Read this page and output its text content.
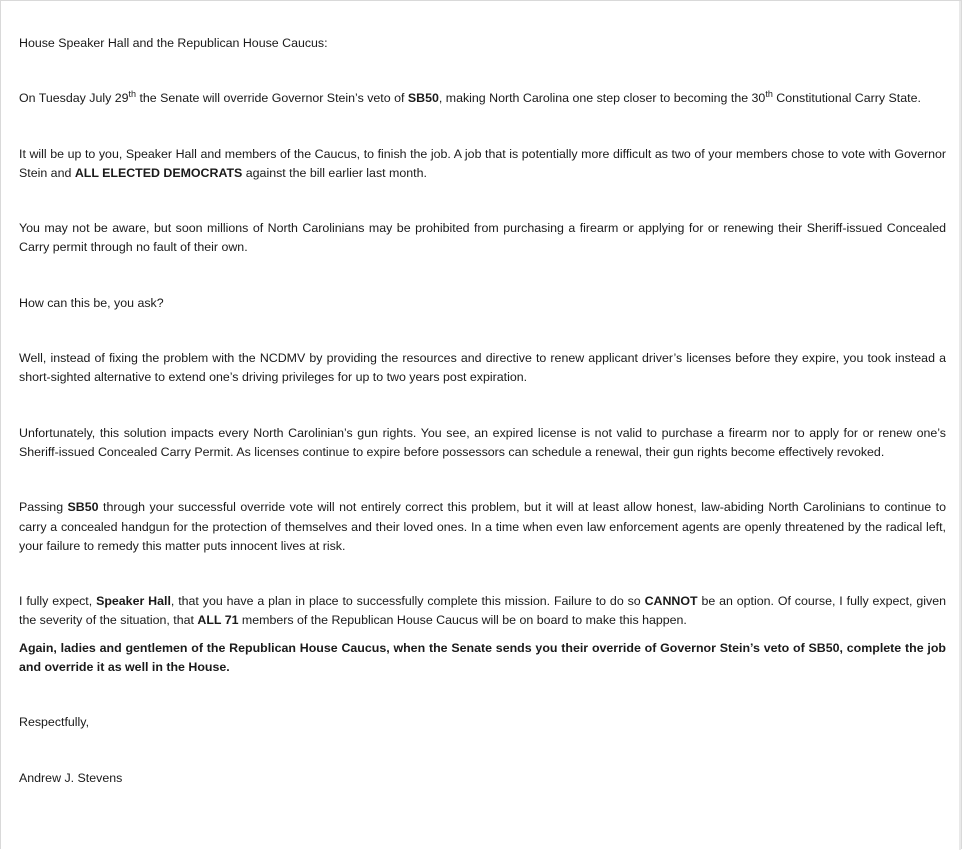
House Speaker Hall and the Republican House Caucus:

On Tuesday July 29th the Senate will override Governor Stein’s veto of SB50, making North Carolina one step closer to becoming the 30th Constitutional Carry State.

It will be up to you, Speaker Hall and members of the Caucus, to finish the job. A job that is potentially more difficult as two of your members chose to vote with Governor Stein and ALL ELECTED DEMOCRATS against the bill earlier last month.

You may not be aware, but soon millions of North Carolinians may be prohibited from purchasing a firearm or applying for or renewing their Sheriff-issued Concealed Carry permit through no fault of their own.

How can this be, you ask?

Well, instead of fixing the problem with the NCDMV by providing the resources and directive to renew applicant driver’s licenses before they expire, you took instead a short-sighted alternative to extend one’s driving privileges for up to two years post expiration.

Unfortunately, this solution impacts every North Carolinian’s gun rights. You see, an expired license is not valid to purchase a firearm nor to apply for or renew one’s Sheriff-issued Concealed Carry Permit. As licenses continue to expire before possessors can schedule a renewal, their gun rights become effectively revoked.

Passing SB50 through your successful override vote will not entirely correct this problem, but it will at least allow honest, law-abiding North Carolinians to continue to carry a concealed handgun for the protection of themselves and their loved ones. In a time when even law enforcement agents are openly threatened by the radical left, your failure to remedy this matter puts innocent lives at risk.

I fully expect, Speaker Hall, that you have a plan in place to successfully complete this mission. Failure to do so CANNOT be an option. Of course, I fully expect, given the severity of the situation, that ALL 71 members of the Republican House Caucus will be on board to make this happen.

Again, ladies and gentlemen of the Republican House Caucus, when the Senate sends you their override of Governor Stein’s veto of SB50, complete the job and override it as well in the House.

Respectfully,

Andrew J. Stevens
